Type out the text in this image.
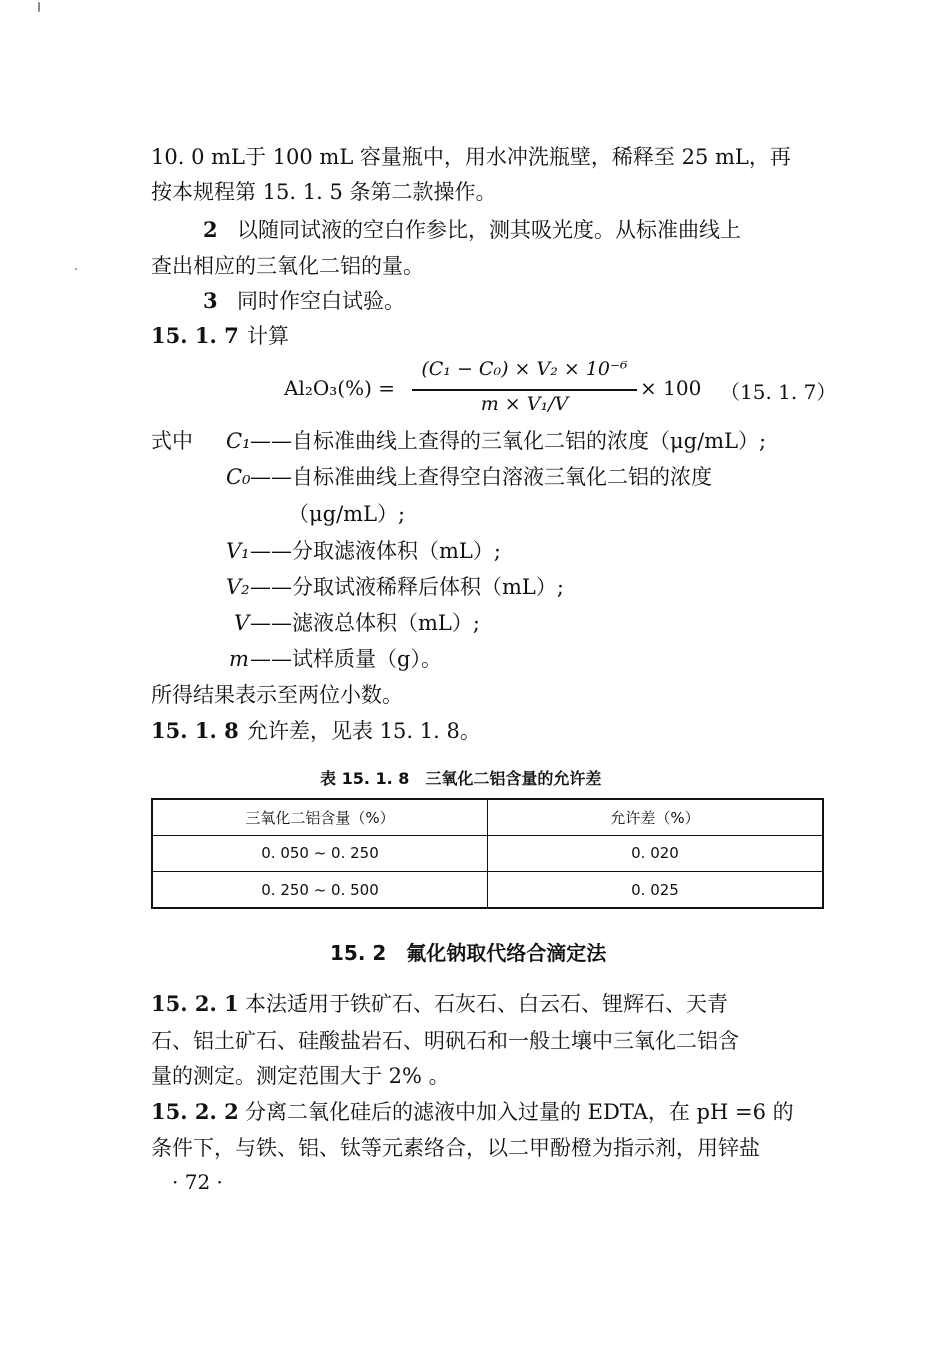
10. 0 mL于 100 mL 容量瓶中，用水冲洗瓶壁，稀释至 25 mL，再
按本规程第 15. 1. 5 条第二款操作。
2 以随同试液的空白作参比，测其吸光度。从标准曲线上
查出相应的三氧化二铝的量。
3 同时作空白试验。
15. 1. 7 计算
Al₂O₃(%) =
(C₁ − C₀) × V₂ × 10⁻⁶
m × V₁/V
× 100 （15. 1. 7）
式中 C₁ ——自标准曲线上查得的三氧化二铝的浓度（μg/mL）;
C₀ ——自标准曲线上查得空白溶液三氧化二铝的浓度
（μg/mL）;
V₁ ——分取滤液体积（mL）;
V₂ ——分取试液稀释后体积（mL）;
V ——滤液总体积（mL）;
m ——试样质量（g）。
所得结果表示至两位小数。
15. 1. 8 允许差，见表 15. 1. 8。
表 15. 1. 8　三氧化二铝含量的允许差
三氧化二铝含量（%）	允许差（%）
0. 050 ~ 0. 250	0. 020
0. 250 ~ 0. 500	0. 025
15. 2　氟化钠取代络合滴定法
15. 2. 1 本法适用于铁矿石、石灰石、白云石、锂辉石、天青
石、铝土矿石、硅酸盐岩石、明矾石和一般土壤中三氧化二铝含
量的测定。测定范围大于 2% 。
15. 2. 2 分离二氧化硅后的滤液中加入过量的 EDTA，在 pH =6 的
条件下，与铁、铝、钛等元素络合，以二甲酚橙为指示剂，用锌盐
· 72 ·
